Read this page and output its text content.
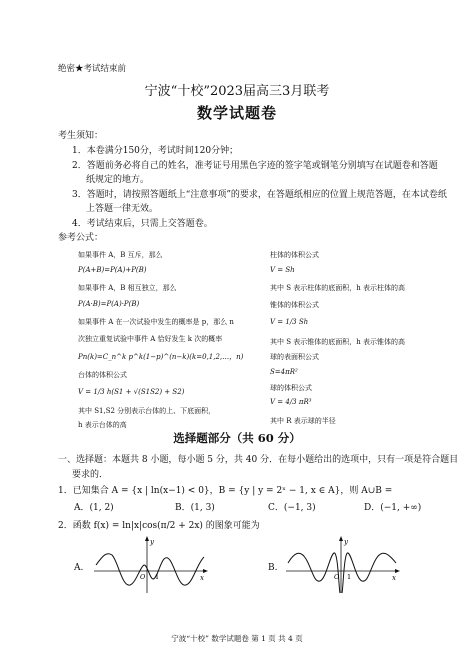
绝密★考试结束前
宁波“十校”2023届高三3月联考
数学试题卷
考生须知：
1．本卷满分150分，考试时间120分钟；
2．答题前务必将自己的姓名，准考证号用黑色字迹的签字笔或钢笔分别填写在试题卷和答题
纸规定的地方。
3．答题时，请按照答题纸上“注意事项”的要求，在答题纸相应的位置上规范答题，在本试卷纸
上答题一律无效。
4．考试结束后，只需上交答题卷。
参考公式：
如果事件 A，B 互斥，那么
P(A+B)=P(A)+P(B)
如果事件 A，B 相互独立，那么
P(A·B)=P(A)·P(B)
如果事件 A 在一次试验中发生的概率是 p，那么 n
次独立重复试验中事件 A 恰好发生 k 次的概率
Pn(k)=C_n^k p^k(1−p)^(n−k)(k=0,1,2,…，n)
台体的体积公式
V = 1/3 h(S1 + √(S1S2) + S2)
其中 S1,S2 分别表示台体的上、下底面积，
h 表示台体的高
柱体的体积公式
V = Sh
其中 S 表示柱体的底面积，h 表示柱体的高
锥体的体积公式
V = 1/3 Sh
其中 S 表示锥体的底面积，h 表示锥体的高
球的表面积公式
S=4πR²
球的体积公式
V = 4/3 πR³
其中 R 表示球的半径
选择题部分（共 60 分）
一、选择题：本题共 8 小题，每小题 5 分，共 40 分．在每小题给出的选项中，只有一项是符合题目
要求的．
1．已知集合 A = {x | ln(x−1) < 0}，B = {y | y = 2ˣ − 1, x ∈ A}，则 A∪B =
A．(1, 2)	B．(1, 3)	C．(−1, 3)	D．(−1, +∞)
2．函数 f(x) = ln|x|cos(π/2 + 2x) 的图象可能为
A.
y
x
O 1
B.
y
x
O 1
宁波“十校” 数学试题卷 第 1 页 共 4 页
